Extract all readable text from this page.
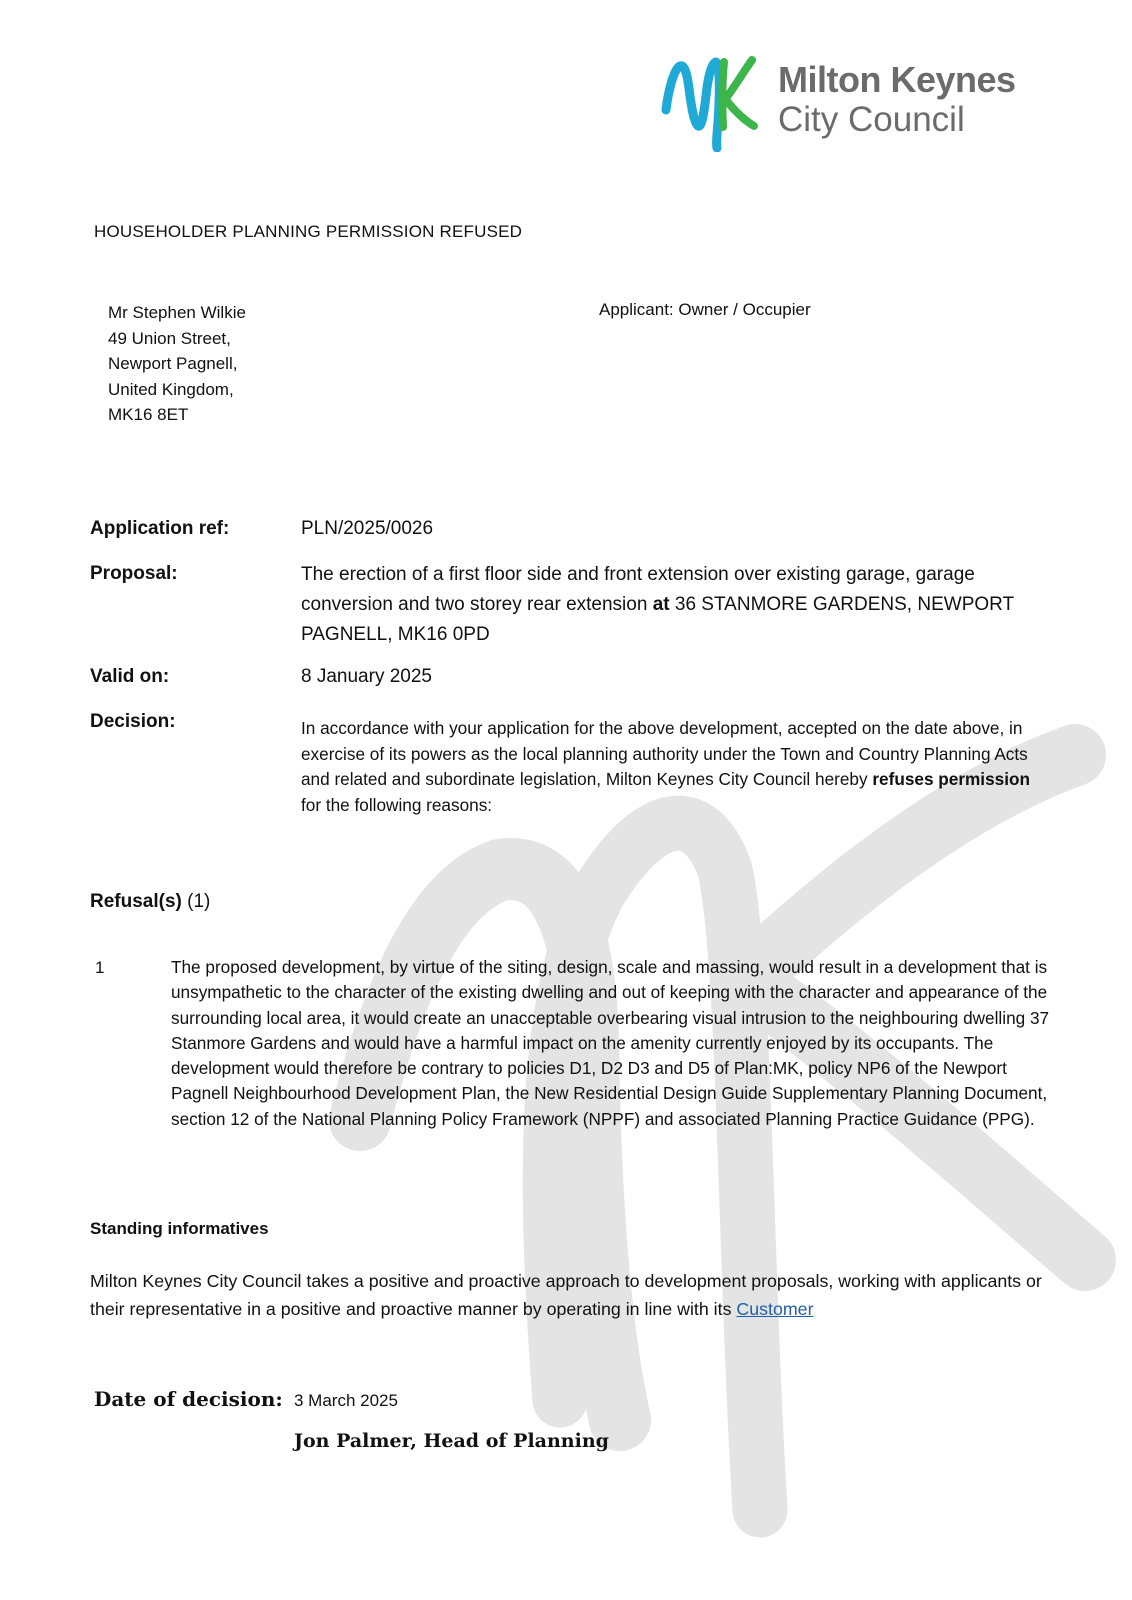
Milton Keynes
City Council
HOUSEHOLDER PLANNING PERMISSION REFUSED
Mr Stephen Wilkie
49 Union Street,
Newport Pagnell,
United Kingdom,
MK16 8ET
Applicant: Owner / Occupier
Application ref:	PLN/2025/0026
Proposal:	The erection of a first floor side and front extension over existing garage, garage conversion and two storey rear extension at 36 STANMORE GARDENS, NEWPORT PAGNELL, MK16 0PD
Valid on:	8 January 2025
Decision:	In accordance with your application for the above development, accepted on the date above, in exercise of its powers as the local planning authority under the Town and Country Planning Acts and related and subordinate legislation, Milton Keynes City Council hereby refuses permission for the following reasons:
Refusal(s) (1)
1	The proposed development, by virtue of the siting, design, scale and massing, would result in a development that is unsympathetic to the character of the existing dwelling and out of keeping with the character and appearance of the surrounding local area, it would create an unacceptable overbearing visual intrusion to the neighbouring dwelling 37 Stanmore Gardens and would have a harmful impact on the amenity currently enjoyed by its occupants. The development would therefore be contrary to policies D1, D2 D3 and D5 of Plan:MK, policy NP6 of the Newport Pagnell Neighbourhood Development Plan, the New Residential Design Guide Supplementary Planning Document, section 12 of the National Planning Policy Framework (NPPF) and associated Planning Practice Guidance (PPG).
Standing informatives
Milton Keynes City Council takes a positive and proactive approach to development proposals, working with applicants or their representative in a positive and proactive manner by operating in line with its Customer
Date of decision: 3 March 2025
Jon Palmer, Head of Planning
